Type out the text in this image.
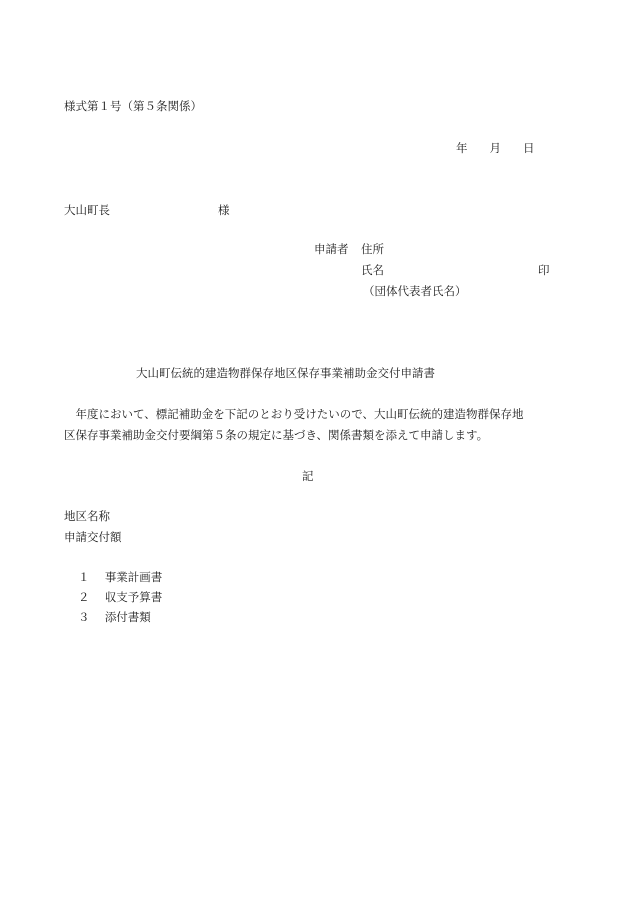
様式第１号（第５条関係）
年 月 日
大山町長	様
申請者 住所
氏名	印
（団体代表者氏名）
大山町伝統的建造物群保存地区保存事業補助金交付申請書
　年度において、標記補助金を下記のとおり受けたいので、大山町伝統的建造物群保存地
区保存事業補助金交付要綱第５条の規定に基づき、関係書類を添えて申請します。
記
地区名称
申請交付額
１ 事業計画書
２ 収支予算書
３ 添付書類
